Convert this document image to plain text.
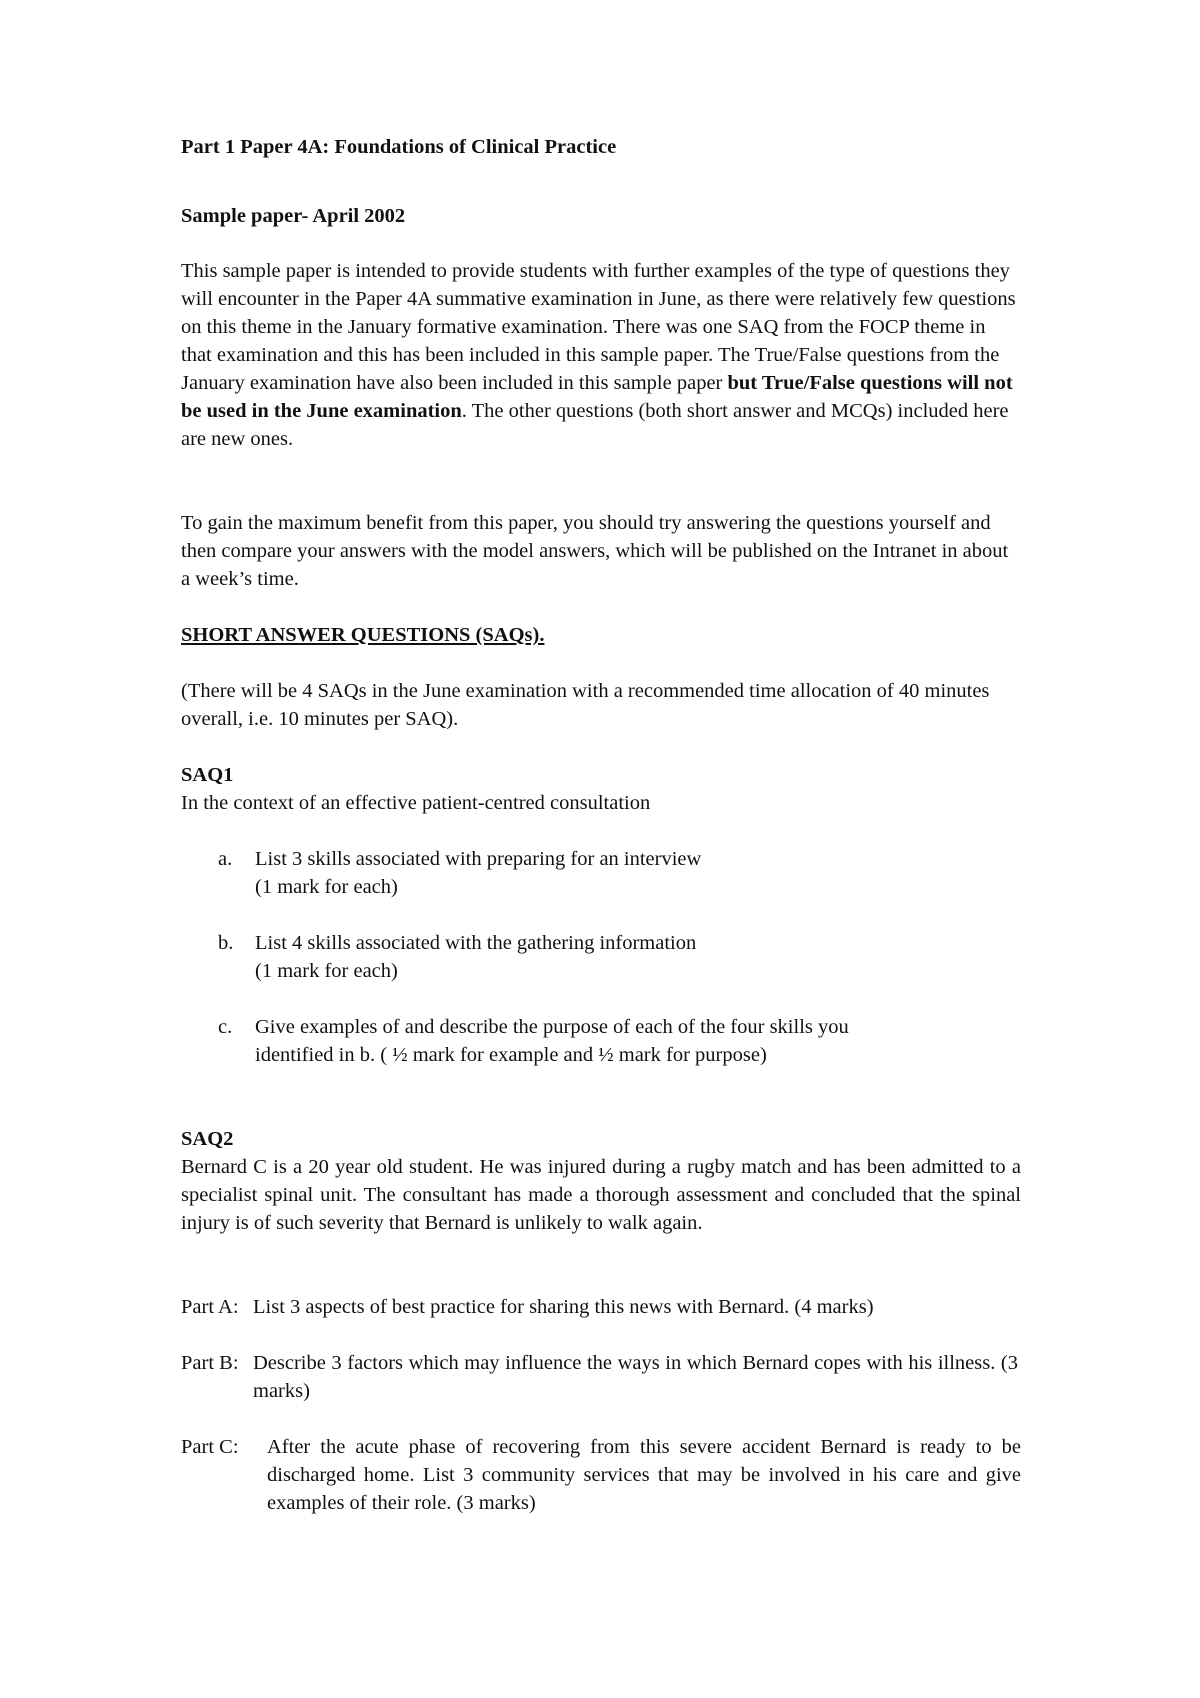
Part 1 Paper 4A: Foundations of Clinical Practice
Sample paper- April 2002
This sample paper is intended to provide students with further examples of the type of questions they will encounter in the Paper 4A summative examination in June, as there were relatively few questions on this theme in the January formative examination. There was one SAQ from the FOCP theme in that examination and this has been included in this sample paper. The True/False questions from the January examination have also been included in this sample paper but True/False questions will not be used in the June examination. The other questions (both short answer and MCQs) included here are new ones.
To gain the maximum benefit from this paper, you should try answering the questions yourself and then compare your answers with the model answers, which will be published on the Intranet in about a week’s time.
SHORT ANSWER QUESTIONS (SAQs).
(There will be 4 SAQs in the June examination with a recommended time allocation of 40 minutes overall, i.e. 10 minutes per SAQ).
SAQ1
In the context of an effective patient-centred consultation
a. List 3 skills associated with preparing for an interview
(1 mark for each)
b. List 4 skills associated with the gathering information
(1 mark for each)
c. Give examples of and describe the purpose of each of the four skills you identified in b. ( ½ mark for example and ½ mark for purpose)
SAQ2
Bernard C is a 20 year old student. He was injured during a rugby match and has been admitted to a specialist spinal unit. The consultant has made a thorough assessment and concluded that the spinal injury is of such severity that Bernard is unlikely to walk again.
Part A: List 3 aspects of best practice for sharing this news with Bernard. (4 marks)
Part B: Describe 3 factors which may influence the ways in which Bernard copes with his illness. (3 marks)
Part C: After the acute phase of recovering from this severe accident Bernard is ready to be discharged home. List 3 community services that may be involved in his care and give examples of their role. (3 marks)
